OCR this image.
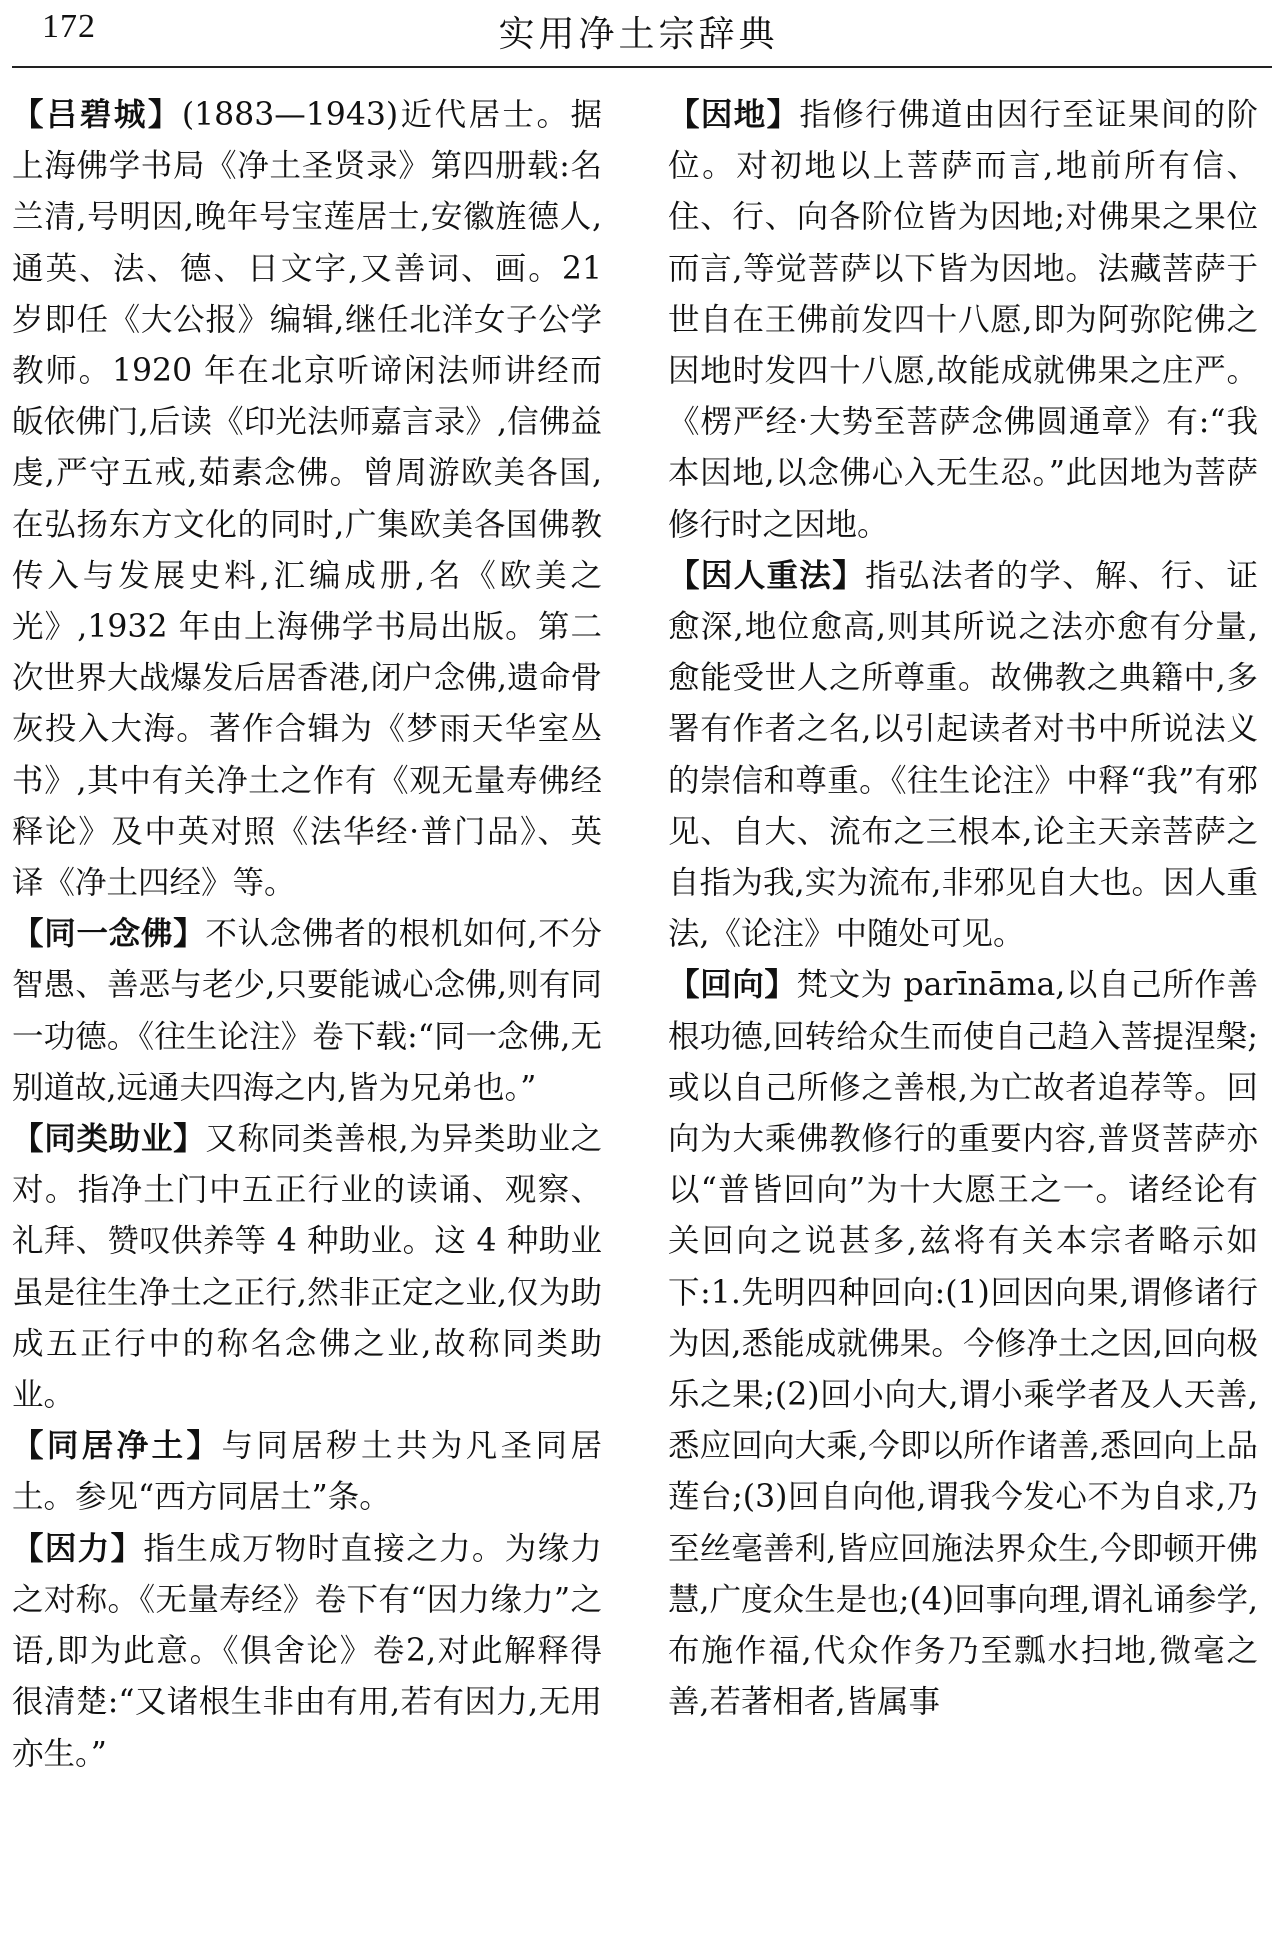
172	实用净土宗辞典

【吕碧城】(1883—1943)近代居士。据上海佛学书局《净土圣贤录》第四册载:名兰清,号明因,晚年号宝莲居士,安徽旌德人,通英、法、德、日文字,又善词、画。21 岁即任《大公报》编辑,继任北洋女子公学教师。1920 年在北京听谛闲法师讲经而皈依佛门,后读《印光法师嘉言录》,信佛益虔,严守五戒,茹素念佛。曾周游欧美各国,在弘扬东方文化的同时,广集欧美各国佛教传入与发展史料,汇编成册,名《欧美之光》,1932 年由上海佛学书局出版。第二次世界大战爆发后居香港,闭户念佛,遗命骨灰投入大海。著作合辑为《梦雨天华室丛书》,其中有关净土之作有《观无量寿佛经释论》及中英对照《法华经·普门品》、英译《净土四经》等。

【同一念佛】不认念佛者的根机如何,不分智愚、善恶与老少,只要能诚心念佛,则有同一功德。《往生论注》卷下载:“同一念佛,无别道故,远通夫四海之内,皆为兄弟也。”

【同类助业】又称同类善根,为异类助业之对。指净土门中五正行业的读诵、观察、礼拜、赞叹供养等 4 种助业。这 4 种助业虽是往生净土之正行,然非正定之业,仅为助成五正行中的称名念佛之业,故称同类助业。

【同居净土】与同居秽土共为凡圣同居土。参见“西方同居土”条。

【因力】指生成万物时直接之力。为缘力之对称。《无量寿经》卷下有“因力缘力”之语,即为此意。《俱舍论》卷2,对此解释得很清楚:“又诸根生非由有用,若有因力,无用亦生。”

【因地】指修行佛道由因行至证果间的阶位。对初地以上菩萨而言,地前所有信、住、行、向各阶位皆为因地;对佛果之果位而言,等觉菩萨以下皆为因地。法藏菩萨于世自在王佛前发四十八愿,即为阿弥陀佛之因地时发四十八愿,故能成就佛果之庄严。《楞严经·大势至菩萨念佛圆通章》有:“我本因地,以念佛心入无生忍。”此因地为菩萨修行时之因地。

【因人重法】指弘法者的学、解、行、证愈深,地位愈高,则其所说之法亦愈有分量,愈能受世人之所尊重。故佛教之典籍中,多署有作者之名,以引起读者对书中所说法义的崇信和尊重。《往生论注》中释“我”有邪见、自大、流布之三根本,论主天亲菩萨之自指为我,实为流布,非邪见自大也。因人重法,《论注》中随处可见。

【回向】梵文为 parīnāma,以自己所作善根功德,回转给众生而使自己趋入菩提涅槃;或以自己所修之善根,为亡故者追荐等。回向为大乘佛教修行的重要内容,普贤菩萨亦以“普皆回向”为十大愿王之一。诸经论有关回向之说甚多,兹将有关本宗者略示如下:1.先明四种回向:(1)回因向果,谓修诸行为因,悉能成就佛果。今修净土之因,回向极乐之果;(2)回小向大,谓小乘学者及人天善,悉应回向大乘,今即以所作诸善,悉回向上品莲台;(3)回自向他,谓我今发心不为自求,乃至丝毫善利,皆应回施法界众生,今即顿开佛慧,广度众生是也;(4)回事向理,谓礼诵参学,布施作福,代众作务乃至瓢水扫地,微毫之善,若著相者,皆属事
